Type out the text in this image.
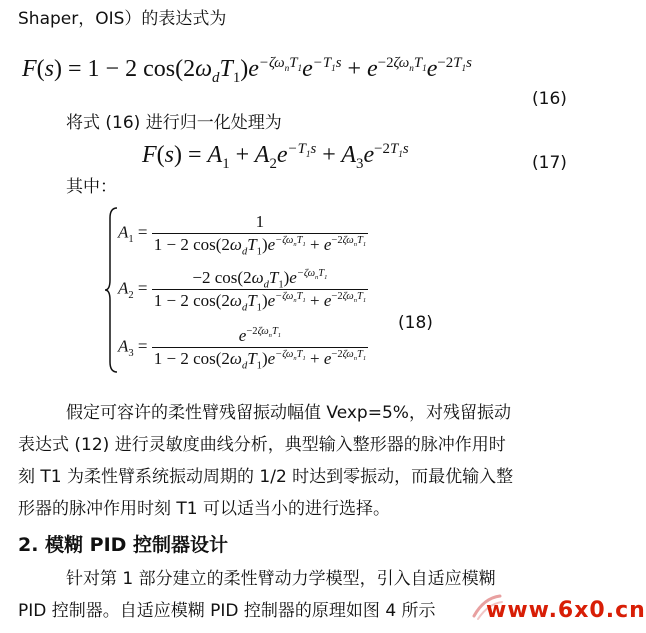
Shaper，OIS）的表达式为
F(s) = 1 − 2 $\cos(2\omega_dT_1)e^{-\zeta\omega_nT_1}e^{-T_1s} + e^{-2\zeta\omega_nT_1}e^{-2T_1s}$
(16)
将式 (16) 进行归一化处理为
$F(s) = A_1 + A_2e^{-T_1s} + A_3e^{-2T_1s}$
(17)
其中：
$A_1 = \frac{1}{1 - 2 \cos(2\omega_dT_1)e^{-\zeta\omega_nT_1} + e^{-2\zeta\omega_nT_1}}$
$A_2 = \frac{-2 \cos(2\omega_dT_1)e^{-\zeta\omega_nT_1}}{1 - 2 \cos(2\omega_dT_1)e^{-\zeta\omega_nT_1} + e^{-2\zeta\omega_nT_1}}$
$A_3 = \frac{e^{-2\zeta\omega_nT_1}}{1 - 2 \cos(2\omega_dT_1)e^{-\zeta\omega_nT_1} + e^{-2\zeta\omega_nT_1}}$
(18)
假定可容许的柔性臂残留振动幅值 Vexp=5%，对残留振动
表达式 (12) 进行灵敏度曲线分析，典型输入整形器的脉冲作用时
刻 T1 为柔性臂系统振动周期的 1/2 时达到零振动，而最优输入整
形器的脉冲作用时刻 T1 可以适当小的进行选择。
2. 模糊 PID 控制器设计
针对第 1 部分建立的柔性臂动力学模型，引入自适应模糊
PID 控制器。自适应模糊 PID 控制器的原理如图 4 所示 www.6x0.cn
